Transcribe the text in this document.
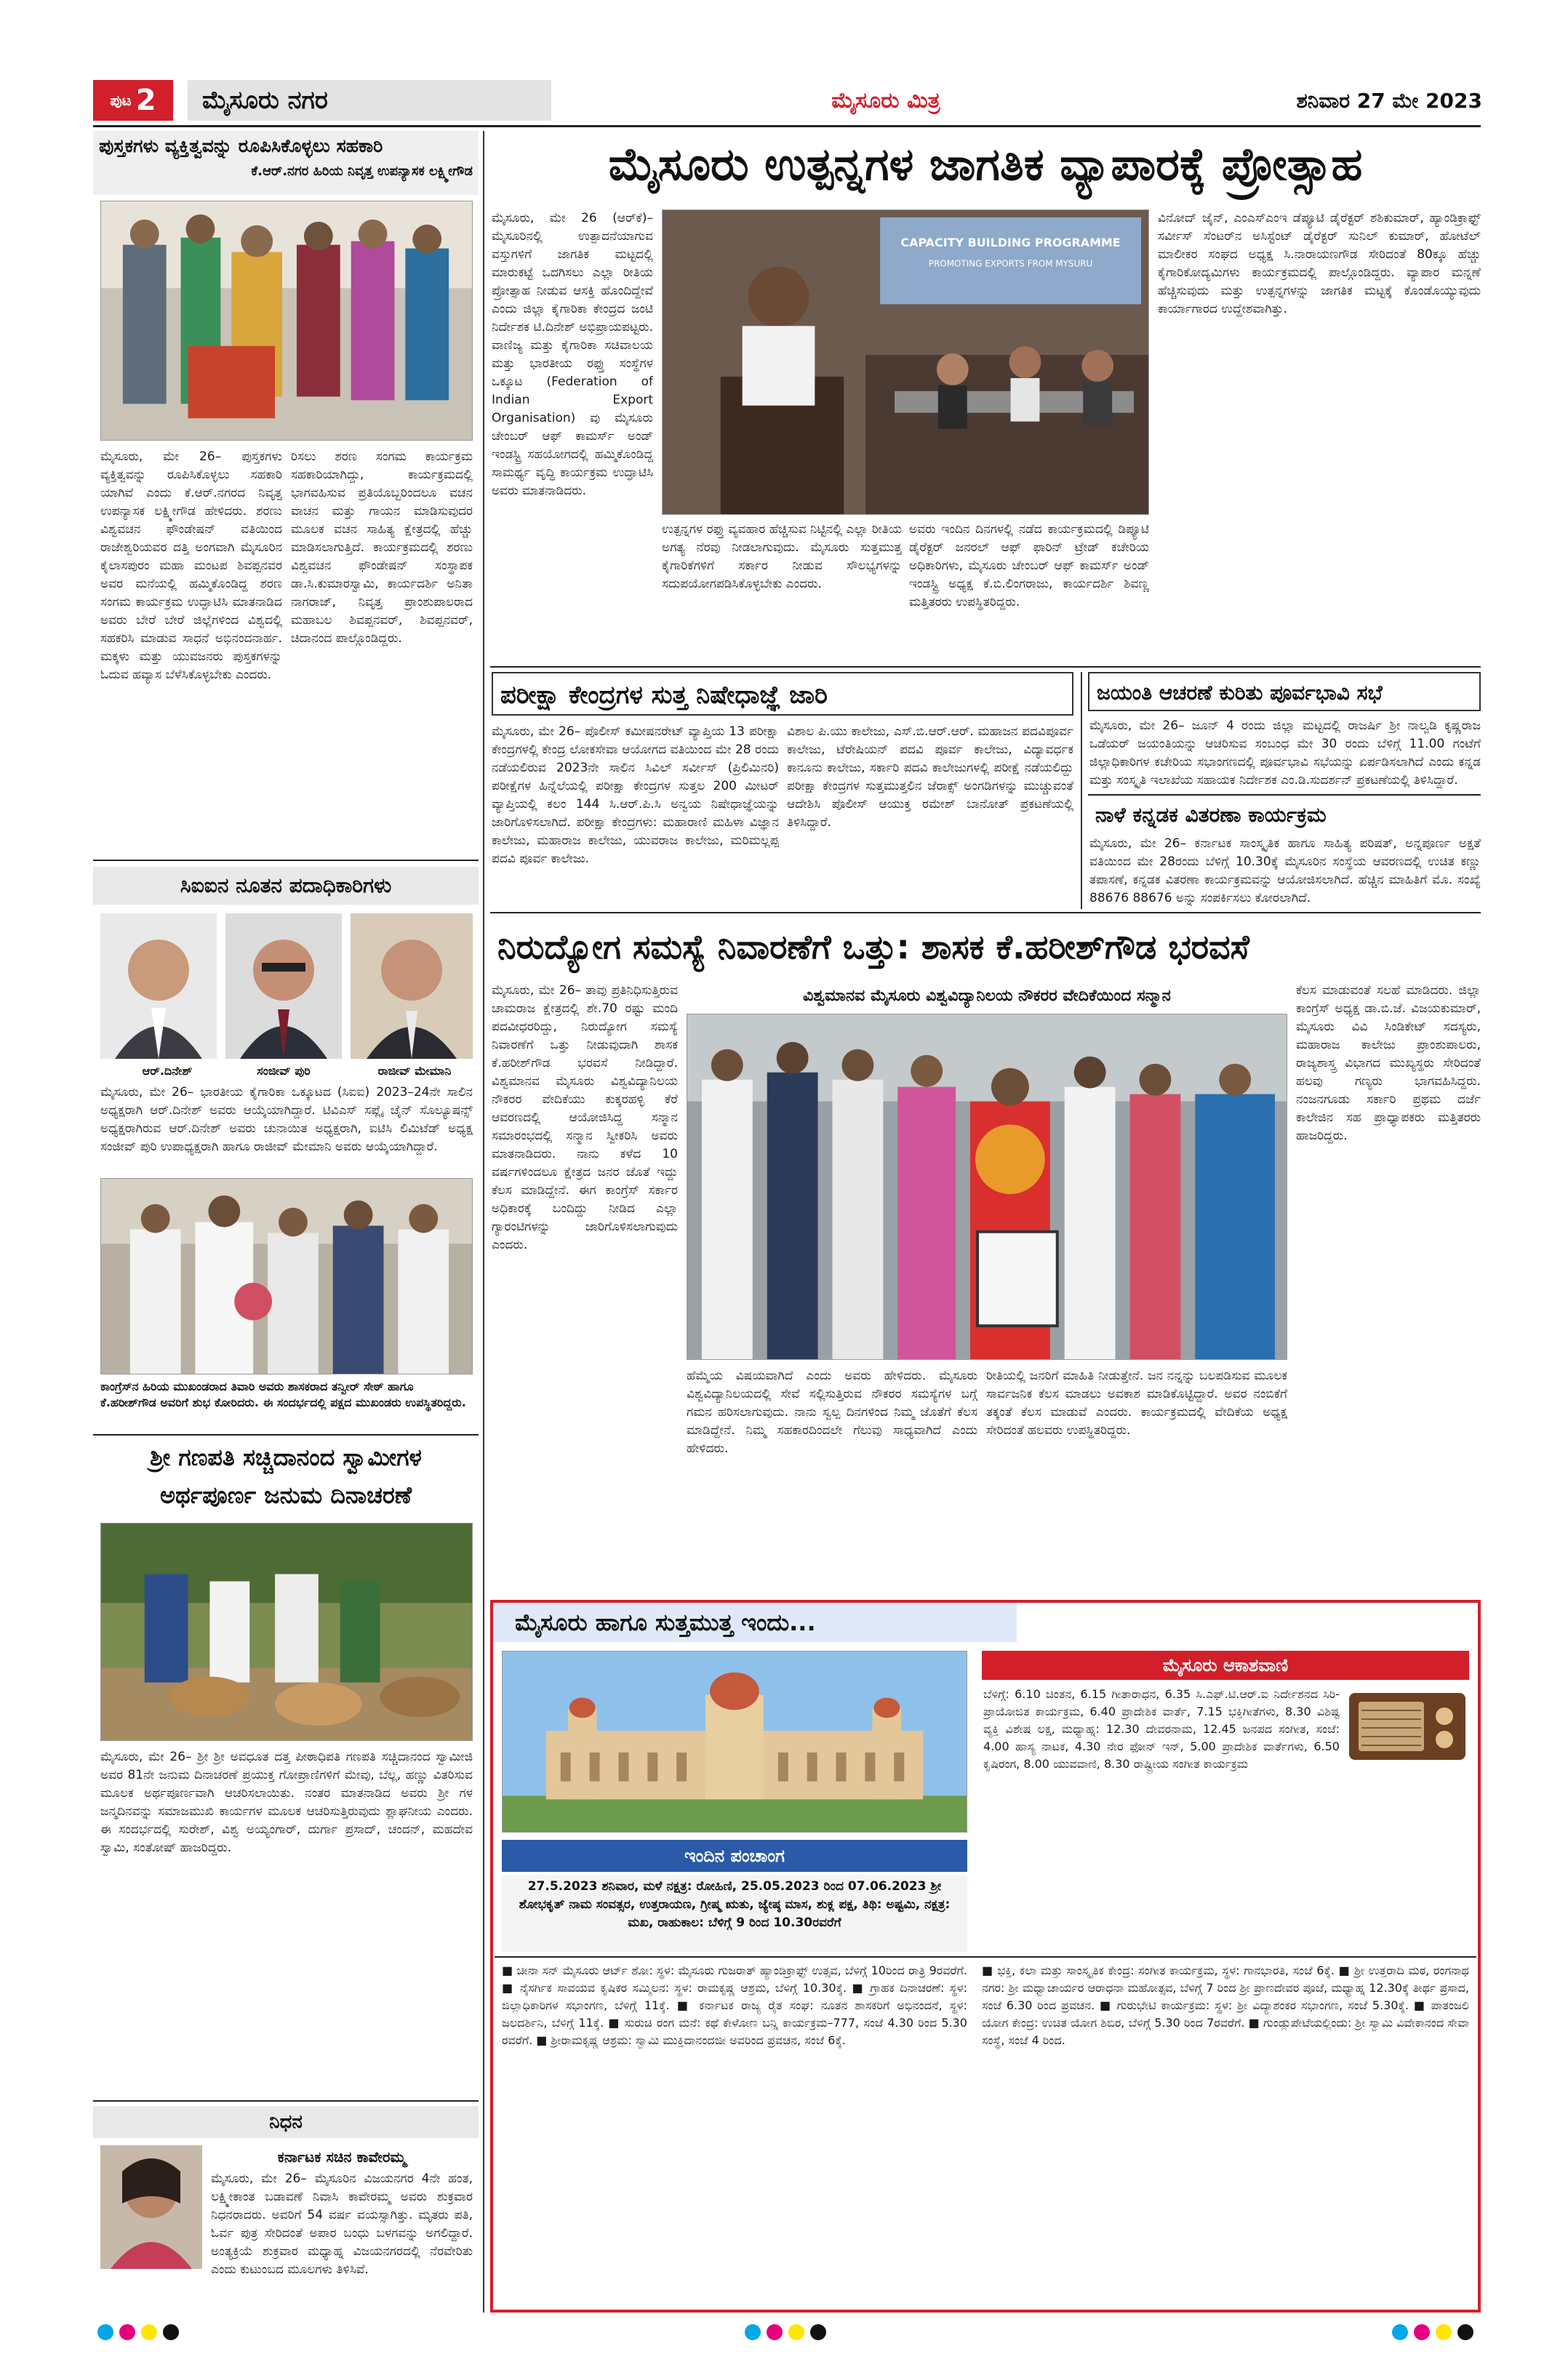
ಪುಟ 2	ಮೈಸೂರು ನಗರ	ಮೈಸೂರು ಮಿತ್ರ	ಶನಿವಾರ 27 ಮೇ 2023
ಪುಸ್ತಕಗಳು ವ್ಯಕ್ತಿತ್ವವನ್ನು ರೂಪಿಸಿಕೊಳ್ಳಲು ಸಹಕಾರಿ
ಕೆ.ಆರ್.ನಗರ ಹಿರಿಯ ನಿವೃತ್ತ ಉಪನ್ಯಾಸಕ ಲಕ್ಷ್ಮೀಗೌಡ
ಮೈಸೂರು, ಮೇ 26– ಪುಸ್ತಕಗಳು ವ್ಯಕ್ತಿತ್ವವನ್ನು ರೂಪಿಸಿಕೊಳ್ಳಲು ಸಹಕಾರಿ ಯಾಗಿವೆ ಎಂದು ಕೆ.ಆರ್.ನಗರದ ನಿವೃತ್ತ ಉಪನ್ಯಾಸಕ ಲಕ್ಷ್ಮೀಗೌಡ ಹೇಳಿದರು. ಶರಣು ವಿಶ್ವವಚನ ಫೌಂಡೇಷನ್ ವತಿಯಿಂದ ರಾಜೇಶ್ವರಿಯವರ ದತ್ತಿ ಅಂಗವಾಗಿ ಮೈಸೂರಿನ ಕೈಲಾಸಪುರಂ ಮಹಾ ಮಂಟಪ ಶಿವಪ್ಪನವರ ಅವರ ಮನೆಯಲ್ಲಿ ಹಮ್ಮಿಕೊಂಡಿದ್ದ ಶರಣ ಸಂಗಮ ಕಾರ್ಯಕ್ರಮ ಉದ್ಘಾಟಿಸಿ ಮಾತನಾಡಿದ ಅವರು ಬೇರೆ ಬೇರೆ ಜಿಲ್ಲೆಗಳಿಂದ ವಿಶ್ವದಲ್ಲಿ ಸಹಕರಿಸಿ ಮಾಡುವ ಸಾಧನೆ ಅಭಿನಂದನಾರ್ಹ. ಮಕ್ಕಳು ಮತ್ತು ಯುವಜನರು ಪುಸ್ತಕಗಳನ್ನು ಓದುವ ಹವ್ಯಾಸ ಬೆಳೆಸಿಕೊಳ್ಳಬೇಕು ಎಂದರು.
ರಿಸಲು ಶರಣ ಸಂಗಮ ಕಾರ್ಯಕ್ರಮ ಸಹಕಾರಿಯಾಗಿದ್ದು, ಕಾರ್ಯಕ್ರಮದಲ್ಲಿ ಭಾಗವಹಿಸುವ ಪ್ರತಿಯೊಬ್ಬರಿಂದಲೂ ವಚನ ವಾಚನ ಮತ್ತು ಗಾಯನ ಮಾಡಿಸುವುದರ ಮೂಲಕ ವಚನ ಸಾಹಿತ್ಯ ಕ್ಷೇತ್ರದಲ್ಲಿ ಹೆಚ್ಚು ಮಾಡಿಸಲಾಗುತ್ತಿದೆ. ಕಾರ್ಯಕ್ರಮದಲ್ಲಿ ಶರಣು ವಿಶ್ವವಚನ ಫೌಂಡೇಷನ್ ಸಂಸ್ಥಾಪಕ ಡಾ.ಸಿ.ಕುಮಾರಸ್ವಾಮಿ, ಕಾರ್ಯದರ್ಶಿ ಅನಿತಾ ನಾಗರಾಜ್, ನಿವೃತ್ತ ಪ್ರಾಂಶುಪಾಲರಾದ ಮಹಾಬಲ ಶಿವಪ್ಪನವರ್, ಶಿವಪ್ಪನವರ್, ಚಿದಾನಂದ ಪಾಲ್ಗೊಂಡಿದ್ದರು.
ಸಿಐಐನ ನೂತನ ಪದಾಧಿಕಾರಿಗಳು
ಆರ್.ದಿನೇಶ್	ಸಂಜೀವ್ ಪುರಿ	ರಾಜೀವ್ ಮೇಮಾನಿ
ಮೈಸೂರು, ಮೇ 26– ಭಾರತೀಯ ಕೈಗಾರಿಕಾ ಒಕ್ಕೂಟದ (ಸಿಐಐ) 2023–24ನೇ ಸಾಲಿನ ಅಧ್ಯಕ್ಷರಾಗಿ ಆರ್.ದಿನೇಶ್ ಅವರು ಆಯ್ಕೆಯಾಗಿದ್ದಾರೆ. ಟಿವಿಎಸ್ ಸಪ್ಲೈ ಚೈನ್ ಸೊಲ್ಯೂಷನ್ಸ್ ಅಧ್ಯಕ್ಷರಾಗಿರುವ ಆರ್.ದಿನೇಶ್ ಅವರು ಚುನಾಯಿತ ಅಧ್ಯಕ್ಷರಾಗಿ, ಐಟಿಸಿ ಲಿಮಿಟೆಡ್ ಅಧ್ಯಕ್ಷ ಸಂಜೀವ್ ಪುರಿ ಉಪಾಧ್ಯಕ್ಷರಾಗಿ ಹಾಗೂ ರಾಜೀವ್ ಮೇಮಾನಿ ಅವರು ಆಯ್ಕೆಯಾಗಿದ್ದಾರೆ.
ಕಾಂಗ್ರೆಸ್‌ನ ಹಿರಿಯ ಮುಖಂಡರಾದ ತಿವಾರಿ ಅವರು ಶಾಸಕರಾದ ತನ್ವೀರ್ ಸೇಠ್ ಹಾಗೂ ಕೆ.ಹರೀಶ್‌ಗೌಡ ಅವರಿಗೆ ಶುಭ ಕೋರಿದರು. ಈ ಸಂದರ್ಭದಲ್ಲಿ ಪಕ್ಷದ ಮುಖಂಡರು ಉಪಸ್ಥಿತರಿದ್ದರು.
ಶ್ರೀ ಗಣಪತಿ ಸಚ್ಚಿದಾನಂದ ಸ್ವಾಮೀಗಳ
ಅರ್ಥಪೂರ್ಣ ಜನುಮ ದಿನಾಚರಣೆ
ಮೈಸೂರು, ಮೇ 26– ಶ್ರೀ ಶ್ರೀ ಅವಧೂತ ದತ್ತ ಪೀಠಾಧಿಪತಿ ಗಣಪತಿ ಸಚ್ಚಿದಾನಂದ ಸ್ವಾಮೀಜಿ ಅವರ 81ನೇ ಜನುಮ ದಿನಾಚರಣೆ ಪ್ರಯುಕ್ತ ಗೋಪ್ರಾಣಿಗಳಿಗೆ ಮೇವು, ಬೆಲ್ಲ, ಹಣ್ಣು ವಿತರಿಸುವ ಮೂಲಕ ಅರ್ಥಪೂರ್ಣವಾಗಿ ಆಚರಿಸಲಾಯಿತು. ನಂತರ ಮಾತನಾಡಿದ ಅವರು ಶ್ರೀ ಗಳ ಜನ್ಮದಿನವನ್ನು ಸಮಾಜಮುಖಿ ಕಾರ್ಯಗಳ ಮೂಲಕ ಆಚರಿಸುತ್ತಿರುವುದು ಶ್ಲಾಘನೀಯ ಎಂದರು. ಈ ಸಂದರ್ಭದಲ್ಲಿ ಸುರೇಶ್, ವಿಶ್ವ ಅಯ್ಯಂಗಾರ್, ದುರ್ಗಾ ಪ್ರಸಾದ್, ಚಂದನ್, ಮಹದೇವ ಸ್ವಾಮಿ, ಸಂತೋಷ್ ಹಾಜರಿದ್ದರು.
ನಿಧನ
ಕರ್ನಾಟಕ ಸಚಿನ ಕಾವೇರಮ್ಮ
ಮೈಸೂರು, ಮೇ 26– ಮೈಸೂರಿನ ವಿಜಯನಗರ 4ನೇ ಹಂತ, ಲಕ್ಷ್ಮೀಕಾಂತ ಬಡಾವಣೆ ನಿವಾಸಿ ಕಾವೇರಮ್ಮ ಅವರು ಶುಕ್ರವಾರ ನಿಧನರಾದರು. ಅವರಿಗೆ 54 ವರ್ಷ ವಯಸ್ಸಾಗಿತ್ತು. ಮೃತರು ಪತಿ, ಓರ್ವ ಪುತ್ರ ಸೇರಿದಂತೆ ಅಪಾರ ಬಂಧು ಬಳಗವನ್ನು ಅಗಲಿದ್ದಾರೆ. ಅಂತ್ಯಕ್ರಿಯೆ ಶುಕ್ರವಾರ ಮಧ್ಯಾಹ್ನ ವಿಜಯನಗರದಲ್ಲಿ ನೆರವೇರಿತು ಎಂದು ಕುಟುಂಬದ ಮೂಲಗಳು ತಿಳಿಸಿವೆ.
ಮೈಸೂರು ಉತ್ಪನ್ನಗಳ ಜಾಗತಿಕ ವ್ಯಾಪಾರಕ್ಕೆ ಪ್ರೋತ್ಸಾಹ
ಮೈಸೂರು, ಮೇ 26 (ಆರ್‌ಕೆ)– ಮೈಸೂರಿನಲ್ಲಿ ಉತ್ಪಾದನೆಯಾಗುವ ವಸ್ತುಗಳಿಗೆ ಜಾಗತಿಕ ಮಟ್ಟದಲ್ಲಿ ಮಾರುಕಟ್ಟೆ ಒದಗಿಸಲು ಎಲ್ಲಾ ರೀತಿಯ ಪ್ರೋತ್ಸಾಹ ನೀಡುವ ಆಸಕ್ತಿ ಹೊಂದಿದ್ದೇವೆ ಎಂದು ಜಿಲ್ಲಾ ಕೈಗಾರಿಕಾ ಕೇಂದ್ರದ ಜಂಟಿ ನಿರ್ದೇಶಕ ಟಿ.ದಿನೇಶ್ ಅಭಿಪ್ರಾಯಪಟ್ಟರು. ವಾಣಿಜ್ಯ ಮತ್ತು ಕೈಗಾರಿಕಾ ಸಚಿವಾಲಯ ಮತ್ತು ಭಾರತೀಯ ರಫ್ತು ಸಂಸ್ಥೆಗಳ ಒಕ್ಕೂಟ (Federation of Indian Export Organisation) ವು ಮೈಸೂರು ಚೇಂಬರ್ ಆಫ್ ಕಾಮರ್ಸ್ ಅಂಡ್ ಇಂಡಸ್ಟ್ರಿ ಸಹಯೋಗದಲ್ಲಿ ಹಮ್ಮಿಕೊಂಡಿದ್ದ ಸಾಮರ್ಥ್ಯ ವೃದ್ಧಿ ಕಾರ್ಯಕ್ರಮ ಉದ್ಘಾಟಿಸಿ ಅವರು ಮಾತನಾಡಿದರು.
CAPACITY BUILDING PROGRAMME
PROMOTING EXPORTS FROM MYSURU
ಉತ್ಪನ್ನಗಳ ರಫ್ತು ವ್ಯವಹಾರ ಹೆಚ್ಚಿಸುವ ನಿಟ್ಟಿನಲ್ಲಿ ಎಲ್ಲಾ ರೀತಿಯ ಅಗತ್ಯ ನೆರವು ನೀಡಲಾಗುವುದು. ಮೈಸೂರು ಸುತ್ತಮುತ್ತ ಕೈಗಾರಿಕೆಗಳಿಗೆ ಸರ್ಕಾರ ನೀಡುವ ಸೌಲಭ್ಯಗಳನ್ನು ಸದುಪಯೋಗಪಡಿಸಿಕೊಳ್ಳಬೇಕು ಎಂದರು.
ಅವರು ಇಂದಿನ ದಿನಗಳಲ್ಲಿ ನಡೆದ ಕಾರ್ಯಕ್ರಮದಲ್ಲಿ ಡಿಪ್ಯೂಟಿ ಡೈರೆಕ್ಟರ್ ಜನರಲ್ ಆಫ್ ಫಾರಿನ್ ಟ್ರೇಡ್ ಕಚೇರಿಯ ಅಧಿಕಾರಿಗಳು, ಮೈಸೂರು ಚೇಂಬರ್ ಆಫ್ ಕಾಮರ್ಸ್ ಅಂಡ್ ಇಂಡಸ್ಟ್ರಿ ಅಧ್ಯಕ್ಷ ಕೆ.ಬಿ.ಲಿಂಗರಾಜು, ಕಾರ್ಯದರ್ಶಿ ಶಿವಣ್ಣ ಮತ್ತಿತರರು ಉಪಸ್ಥಿತರಿದ್ದರು.
ವಿನೋದ್ ಜೈನ್, ಎಂಎಸ್‌ಎಂಇ ಡೆಪ್ಯೂಟಿ ಡೈರೆಕ್ಟರ್ ಶಶಿಕುಮಾರ್, ಹ್ಯಾಂಡಿಕ್ರಾಫ್ಟ್ ಸರ್ವೀಸ್ ಸೆಂಟರ್‌ನ ಅಸಿಸ್ಟೆಂಟ್ ಡೈರೆಕ್ಟರ್ ಸುನಿಲ್ ಕುಮಾರ್, ಹೋಟೆಲ್ ಮಾಲೀಕರ ಸಂಘದ ಅಧ್ಯಕ್ಷ ಸಿ.ನಾರಾಯಣಗೌಡ ಸೇರಿದಂತೆ 80ಕ್ಕೂ ಹೆಚ್ಚು ಕೈಗಾರಿಕೋದ್ಯಮಿಗಳು ಕಾರ್ಯಕ್ರಮದಲ್ಲಿ ಪಾಲ್ಗೊಂಡಿದ್ದರು. ವ್ಯಾಪಾರ ಮನ್ನಣೆ ಹೆಚ್ಚಿಸುವುದು ಮತ್ತು ಉತ್ಪನ್ನಗಳನ್ನು ಜಾಗತಿಕ ಮಟ್ಟಕ್ಕೆ ಕೊಂಡೊಯ್ಯುವುದು ಕಾರ್ಯಾಗಾರದ ಉದ್ದೇಶವಾಗಿತ್ತು.
ಪರೀಕ್ಷಾ ಕೇಂದ್ರಗಳ ಸುತ್ತ ನಿಷೇಧಾಜ್ಞೆ ಜಾರಿ
ಮೈಸೂರು, ಮೇ 26– ಪೊಲೀಸ್ ಕಮೀಷನರೇಟ್ ವ್ಯಾಪ್ತಿಯ 13 ಪರೀಕ್ಷಾ ಕೇಂದ್ರಗಳಲ್ಲಿ ಕೇಂದ್ರ ಲೋಕಸೇವಾ ಆಯೋಗದ ವತಿಯಿಂದ ಮೇ 28 ರಂದು ನಡೆಯಲಿರುವ 2023ನೇ ಸಾಲಿನ ಸಿವಿಲ್ ಸರ್ವೀಸ್ (ಪ್ರಿಲಿಮಿನರಿ) ಪರೀಕ್ಷೆಗಳ ಹಿನ್ನೆಲೆಯಲ್ಲಿ ಪರೀಕ್ಷಾ ಕೇಂದ್ರಗಳ ಸುತ್ತಲ 200 ಮೀಟರ್ ವ್ಯಾಪ್ತಿಯಲ್ಲಿ ಕಲಂ 144 ಸಿ.ಆರ್.ಪಿ.ಸಿ ಅನ್ವಯ ನಿಷೇಧಾಜ್ಞೆಯನ್ನು ಜಾರಿಗೊಳಿಸಲಾಗಿದೆ. ಪರೀಕ್ಷಾ ಕೇಂದ್ರಗಳು: ಮಹಾರಾಣಿ ಮಹಿಳಾ ವಿಜ್ಞಾನ ಕಾಲೇಜು, ಮಹಾರಾಜ ಕಾಲೇಜು, ಯುವರಾಜ ಕಾಲೇಜು, ಮರಿಮಲ್ಲಪ್ಪ ಪದವಿ ಪೂರ್ವ ಕಾಲೇಜು.
ವಿಶಾಲ ಪಿ.ಯು ಕಾಲೇಜು, ಎಸ್.ಬಿ.ಆರ್.ಆರ್. ಮಹಾಜನ ಪದವಿಪೂರ್ವ ಕಾಲೇಜು, ಟೆರೇಷಿಯನ್ ಪದವಿ ಪೂರ್ವ ಕಾಲೇಜು, ವಿದ್ಯಾವರ್ಧಕ ಕಾನೂನು ಕಾಲೇಜು, ಸರ್ಕಾರಿ ಪದವಿ ಕಾಲೇಜುಗಳಲ್ಲಿ ಪರೀಕ್ಷೆ ನಡೆಯಲಿದ್ದು ಪರೀಕ್ಷಾ ಕೇಂದ್ರಗಳ ಸುತ್ತಮುತ್ತಲಿನ ಜೆರಾಕ್ಸ್ ಅಂಗಡಿಗಳನ್ನು ಮುಚ್ಚುವಂತೆ ಆದೇಶಿಸಿ ಪೊಲೀಸ್ ಆಯುಕ್ತ ರಮೇಶ್ ಬಾನೋತ್ ಪ್ರಕಟಣೆಯಲ್ಲಿ ತಿಳಿಸಿದ್ದಾರೆ.
ಜಯಂತಿ ಆಚರಣೆ ಕುರಿತು ಪೂರ್ವಭಾವಿ ಸಭೆ
ಮೈಸೂರು, ಮೇ 26– ಜೂನ್ 4 ರಂದು ಜಿಲ್ಲಾ ಮಟ್ಟದಲ್ಲಿ ರಾಜರ್ಷಿ ಶ್ರೀ ನಾಲ್ವಡಿ ಕೃಷ್ಣರಾಜ ಒಡೆಯರ್ ಜಯಂತಿಯನ್ನು ಆಚರಿಸುವ ಸಂಬಂಧ ಮೇ 30 ರಂದು ಬೆಳಿಗ್ಗೆ 11.00 ಗಂಟೆಗೆ ಜಿಲ್ಲಾಧಿಕಾರಿಗಳ ಕಚೇರಿಯ ಸಭಾಂಗಣದಲ್ಲಿ ಪೂರ್ವಭಾವಿ ಸಭೆಯನ್ನು ಏರ್ಪಡಿಸಲಾಗಿದೆ ಎಂದು ಕನ್ನಡ ಮತ್ತು ಸಂಸ್ಕೃತಿ ಇಲಾಖೆಯ ಸಹಾಯಕ ನಿರ್ದೇಶಕ ಎಂ.ಡಿ.ಸುದರ್ಶನ್ ಪ್ರಕಟಣೆಯಲ್ಲಿ ತಿಳಿಸಿದ್ದಾರೆ.
ನಾಳೆ ಕನ್ನಡಕ ವಿತರಣಾ ಕಾರ್ಯಕ್ರಮ
ಮೈಸೂರು, ಮೇ 26– ಕರ್ನಾಟಕ ಸಾಂಸ್ಕೃತಿಕ ಹಾಗೂ ಸಾಹಿತ್ಯ ಪರಿಷತ್, ಅನ್ನಪೂರ್ಣ ಅಕ್ಷತೆ ವತಿಯಿಂದ ಮೇ 28ರಂದು ಬೆಳಿಗ್ಗೆ 10.30ಕ್ಕೆ ಮೈಸೂರಿನ ಸಂಸ್ಥೆಯ ಆವರಣದಲ್ಲಿ ಉಚಿತ ಕಣ್ಣು ತಪಾಸಣೆ, ಕನ್ನಡಕ ವಿತರಣಾ ಕಾರ್ಯಕ್ರಮವನ್ನು ಆಯೋಜಿಸಲಾಗಿದೆ. ಹೆಚ್ಚಿನ ಮಾಹಿತಿಗೆ ಮೊ. ಸಂಖ್ಯೆ 88676 88676 ಅನ್ನು ಸಂಪರ್ಕಿಸಲು ಕೋರಲಾಗಿದೆ.
ನಿರುದ್ಯೋಗ ಸಮಸ್ಯೆ ನಿವಾರಣೆಗೆ ಒತ್ತು: ಶಾಸಕ ಕೆ.ಹರೀಶ್‌ಗೌಡ ಭರವಸೆ
ಮೈಸೂರು, ಮೇ 26– ತಾವು ಪ್ರತಿನಿಧಿಸುತ್ತಿರುವ ಚಾಮರಾಜ ಕ್ಷೇತ್ರದಲ್ಲಿ ಶೇ.70 ರಷ್ಟು ಮಂದಿ ಪದವೀಧರರಿದ್ದು, ನಿರುದ್ಯೋಗ ಸಮಸ್ಯೆ ನಿವಾರಣೆಗೆ ಒತ್ತು ನೀಡುವುದಾಗಿ ಶಾಸಕ ಕೆ.ಹರೀಶ್‌ಗೌಡ ಭರವಸೆ ನೀಡಿದ್ದಾರೆ. ವಿಶ್ವಮಾನವ ಮೈಸೂರು ವಿಶ್ವವಿದ್ಯಾನಿಲಯ ನೌಕರರ ವೇದಿಕೆಯು ಕುಕ್ಕರಹಳ್ಳಿ ಕೆರೆ ಆವರಣದಲ್ಲಿ ಆಯೋಜಿಸಿದ್ದ ಸನ್ಮಾನ ಸಮಾರಂಭದಲ್ಲಿ ಸನ್ಮಾನ ಸ್ವೀಕರಿಸಿ ಅವರು ಮಾತನಾಡಿದರು. ನಾನು ಕಳೆದ 10 ವರ್ಷಗಳಿಂದಲೂ ಕ್ಷೇತ್ರದ ಜನರ ಜೊತೆ ಇದ್ದು ಕೆಲಸ ಮಾಡಿದ್ದೇನೆ. ಈಗ ಕಾಂಗ್ರೆಸ್ ಸರ್ಕಾರ ಅಧಿಕಾರಕ್ಕೆ ಬಂದಿದ್ದು ನೀಡಿದ ಎಲ್ಲಾ ಗ್ಯಾರಂಟಿಗಳನ್ನು ಜಾರಿಗೊಳಿಸಲಾಗುವುದು ಎಂದರು.
ವಿಶ್ವಮಾನವ ಮೈಸೂರು ವಿಶ್ವವಿದ್ಯಾನಿಲಯ ನೌಕರರ ವೇದಿಕೆಯಿಂದ ಸನ್ಮಾನ
ಹೆಮ್ಮೆಯ ವಿಷಯವಾಗಿದೆ ಎಂದು ಅವರು ಹೇಳಿದರು. ಮೈಸೂರು ವಿಶ್ವವಿದ್ಯಾನಿಲಯದಲ್ಲಿ ಸೇವೆ ಸಲ್ಲಿಸುತ್ತಿರುವ ನೌಕರರ ಸಮಸ್ಯೆಗಳ ಬಗ್ಗೆ ಗಮನ ಹರಿಸಲಾಗುವುದು. ನಾನು ಸ್ವಲ್ಪ ದಿನಗಳಿಂದ ನಿಮ್ಮ ಜೊತೆಗೆ ಕೆಲಸ ಮಾಡಿದ್ದೇನೆ. ನಿಮ್ಮ ಸಹಕಾರದಿಂದಲೇ ಗೆಲುವು ಸಾಧ್ಯವಾಗಿದೆ ಎಂದು ಹೇಳಿದರು.
ರೀತಿಯಲ್ಲಿ ಜನರಿಗೆ ಮಾಹಿತಿ ನೀಡುತ್ತೇನೆ. ಜನ ನನ್ನನ್ನು ಬಲಪಡಿಸುವ ಮೂಲಕ ಸಾರ್ವಜನಿಕ ಕೆಲಸ ಮಾಡಲು ಅವಕಾಶ ಮಾಡಿಕೊಟ್ಟಿದ್ದಾರೆ. ಅವರ ನಂಬಿಕೆಗೆ ತಕ್ಕಂತೆ ಕೆಲಸ ಮಾಡುವೆ ಎಂದರು. ಕಾರ್ಯಕ್ರಮದಲ್ಲಿ ವೇದಿಕೆಯ ಅಧ್ಯಕ್ಷ ಸೇರಿದಂತೆ ಹಲವರು ಉಪಸ್ಥಿತರಿದ್ದರು.
ಕೆಲಸ ಮಾಡುವಂತೆ ಸಲಹೆ ಮಾಡಿದರು. ಜಿಲ್ಲಾ ಕಾಂಗ್ರೆಸ್ ಅಧ್ಯಕ್ಷ ಡಾ.ಬಿ.ಜೆ. ವಿಜಯಕುಮಾರ್, ಮೈಸೂರು ವಿವಿ ಸಿಂಡಿಕೇಟ್ ಸದಸ್ಯರು, ಮಹಾರಾಜ ಕಾಲೇಜು ಪ್ರಾಂಶುಪಾಲರು, ರಾಜ್ಯಶಾಸ್ತ್ರ ವಿಭಾಗದ ಮುಖ್ಯಸ್ಥರು ಸೇರಿದಂತೆ ಹಲವು ಗಣ್ಯರು ಭಾಗವಹಿಸಿದ್ದರು. ನಂಜನಗೂಡು ಸರ್ಕಾರಿ ಪ್ರಥಮ ದರ್ಜೆ ಕಾಲೇಜಿನ ಸಹ ಪ್ರಾಧ್ಯಾಪಕರು ಮತ್ತಿತರರು ಹಾಜರಿದ್ದರು.
ಮೈಸೂರು ಹಾಗೂ ಸುತ್ತಮುತ್ತ ಇಂದು...
ಇಂದಿನ ಪಂಚಾಂಗ
27.5.2023 ಶನಿವಾರ, ಮಳೆ ನಕ್ಷತ್ರ: ರೋಹಿಣಿ, 25.05.2023 ರಿಂದ 07.06.2023 ಶ್ರೀ ಶೋಭಕೃತ್ ನಾಮ ಸಂವತ್ಸರ, ಉತ್ತರಾಯಣ, ಗ್ರೀಷ್ಮ ಋತು, ಜ್ಯೇಷ್ಠ ಮಾಸ, ಶುಕ್ಲ ಪಕ್ಷ, ತಿಥಿ: ಅಷ್ಟಮಿ, ನಕ್ಷತ್ರ: ಮಖ, ರಾಹುಕಾಲ: ಬೆಳಿಗ್ಗೆ 9 ರಿಂದ 10.30ರವರೆಗೆ
ಮೈಸೂರು ಆಕಾಶವಾಣಿ
ಬೆಳಿಗ್ಗೆ: 6.10 ಚಿಂತನ, 6.15 ಗೀತಾರಾಧನ, 6.35 ಸಿ.ಎಫ್.ಟಿ.ಆರ್.ಐ ನಿರ್ದೇಶನದ ಸಿರಿ-ಪ್ರಾಯೋಜಿತ ಕಾರ್ಯಕ್ರಮ, 6.40 ಪ್ರಾದೇಶಿಕ ವಾರ್ತೆ, 7.15 ಭಕ್ತಿಗೀತೆಗಳು, 8.30 ವಿಶಿಷ್ಟ ವ್ಯಕ್ತಿ ವಿಶೇಷ ಲಕ್ಷ, ಮಧ್ಯಾಹ್ನ: 12.30 ದೇವರನಾಮ, 12.45 ಜನಪದ ಸಂಗೀತ, ಸಂಜೆ: 4.00 ಹಾಸ್ಯ ನಾಟಕ, 4.30 ನೇರ ಫೋನ್ ಇನ್, 5.00 ಪ್ರಾದೇಶಿಕ ವಾರ್ತೆಗಳು, 6.50 ಕೃಷಿರಂಗ, 8.00 ಯುವವಾಣಿ, 8.30 ರಾಷ್ಟ್ರೀಯ ಸಂಗೀತ ಕಾರ್ಯಕ್ರಮ
■ ಚೀನಾ ಸನ್ ಮೈಸೂರು ಆರ್ಟ್ ಶೋ: ಸ್ಥಳ: ಮೈಸೂರು ಗುಜರಾತ್ ಹ್ಯಾಂಡಿಕ್ರಾಫ್ಟ್ ಉತ್ಸವ, ಬೆಳಿಗ್ಗೆ 10ರಿಂದ ರಾತ್ರಿ 9ರವರೆಗೆ. ■ ನೈಸರ್ಗಿಕ ಸಾವಯವ ಕೃಷಿಕರ ಸಮ್ಮಿಲನ: ಸ್ಥಳ: ರಾಮಕೃಷ್ಣ ಆಶ್ರಮ, ಬೆಳಿಗ್ಗೆ 10.30ಕ್ಕೆ. ■ ಗ್ರಾಹಕ ದಿನಾಚರಣೆ: ಸ್ಥಳ: ಜಿಲ್ಲಾಧಿಕಾರಿಗಳ ಸಭಾಂಗಣ, ಬೆಳಿಗ್ಗೆ 11ಕ್ಕೆ. ■ ಕರ್ನಾಟಕ ರಾಜ್ಯ ರೈತ ಸಂಘ: ನೂತನ ಶಾಸಕರಿಗೆ ಅಭಿನಂದನೆ, ಸ್ಥಳ: ಜಲದರ್ಶಿನಿ, ಬೆಳಿಗ್ಗೆ 11ಕ್ಕೆ. ■ ಸುರುಚಿ ರಂಗ ಮನೆ: ಕಥೆ ಕೇಳೋಣ ಬನ್ನಿ ಕಾರ್ಯಕ್ರಮ–777, ಸಂಜೆ 4.30 ರಿಂದ 5.30 ರವರೆಗೆ. ■ ಶ್ರೀರಾಮಕೃಷ್ಣ ಆಶ್ರಮ: ಸ್ವಾಮಿ ಮುಕ್ತಿದಾನಂದಜೀ ಅವರಿಂದ ಪ್ರವಚನ, ಸಂಜೆ 6ಕ್ಕೆ.
■ ಭಕ್ತಿ, ಕಲಾ ಮತ್ತು ಸಾಂಸ್ಕೃತಿಕ ಕೇಂದ್ರ: ಸಂಗೀತ ಕಾರ್ಯಕ್ರಮ, ಸ್ಥಳ: ಗಾನಭಾರತಿ, ಸಂಜೆ 6ಕ್ಕೆ. ■ ಶ್ರೀ ಉತ್ತರಾದಿ ಮಠ, ರಂಗನಾಥ ನಗರ: ಶ್ರೀ ಮಧ್ವಾಚಾರ್ಯರ ಆರಾಧನಾ ಮಹೋತ್ಸವ, ಬೆಳಿಗ್ಗೆ 7 ರಿಂದ ಶ್ರೀ ಪ್ರಾಣದೇವರ ಪೂಜೆ, ಮಧ್ಯಾಹ್ನ 12.30ಕ್ಕೆ ತೀರ್ಥ ಪ್ರಸಾದ, ಸಂಜೆ 6.30 ರಿಂದ ಪ್ರವಚನ. ■ ಗುರುಭೇಟಿ ಕಾರ್ಯಕ್ರಮ: ಸ್ಥಳ: ಶ್ರೀ ವಿದ್ಯಾಶಂಕರ ಸಭಾಂಗಣ, ಸಂಜೆ 5.30ಕ್ಕೆ. ■ ಪಾತಂಜಲಿ ಯೋಗ ಕೇಂದ್ರ: ಉಚಿತ ಯೋಗ ಶಿಬಿರ, ಬೆಳಿಗ್ಗೆ 5.30 ರಿಂದ 7ರವರೆಗೆ. ■ ಗುಂಡ್ಲುಪೇಟೆಯಲ್ಲಿಂದು: ಶ್ರೀ ಸ್ವಾಮಿ ವಿವೇಕಾನಂದ ಸೇವಾ ಸಂಸ್ಥೆ, ಸಂಜೆ 4 ರಿಂದ.
